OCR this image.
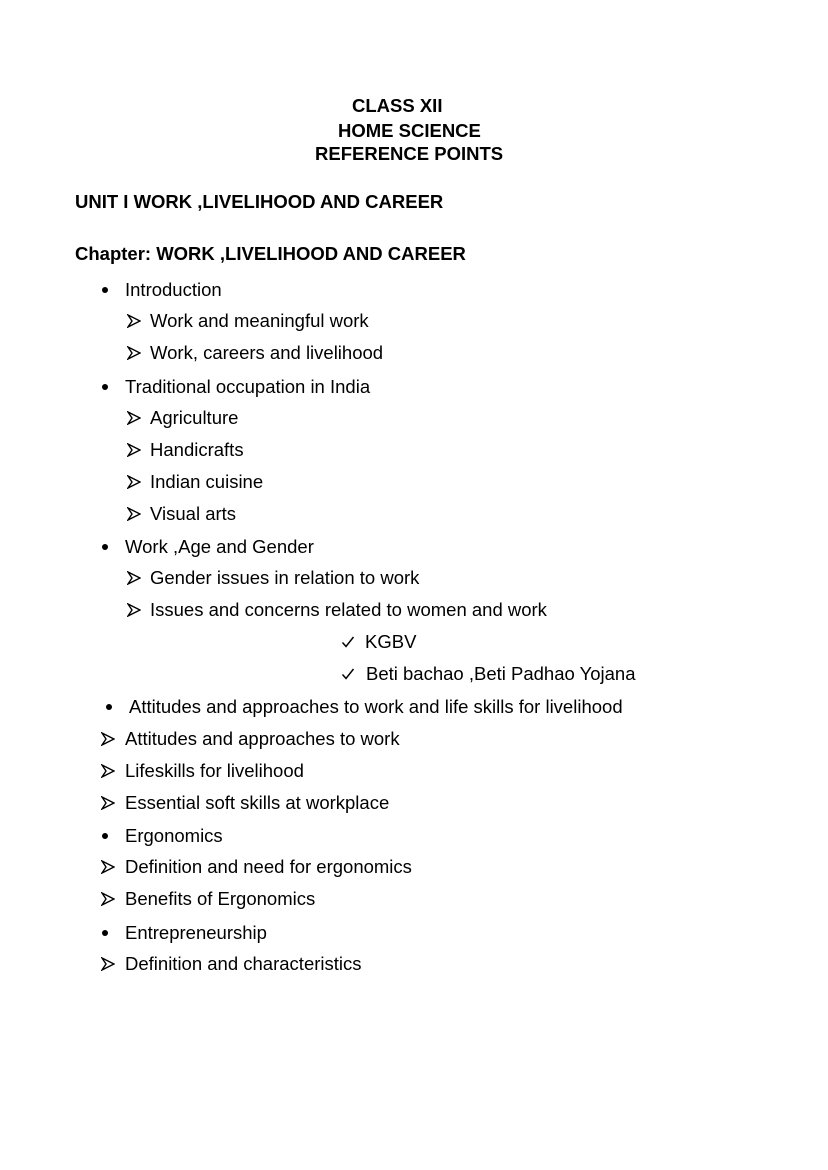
CLASS XII
HOME SCIENCE
REFERENCE POINTS
UNIT I WORK ,LIVELIHOOD AND CAREER
Chapter: WORK ,LIVELIHOOD AND CAREER
Introduction
Work and meaningful work
Work, careers and livelihood
Traditional occupation in India
Agriculture
Handicrafts
Indian cuisine
Visual arts
Work ,Age and Gender
Gender issues in relation to work
Issues and concerns related to women and work
KGBV
Beti bachao ,Beti Padhao Yojana
Attitudes and approaches to work and life skills for livelihood
Attitudes and approaches to work
Lifeskills for livelihood
Essential soft skills at workplace
Ergonomics
Definition and need for ergonomics
Benefits of Ergonomics
Entrepreneurship
Definition and characteristics
